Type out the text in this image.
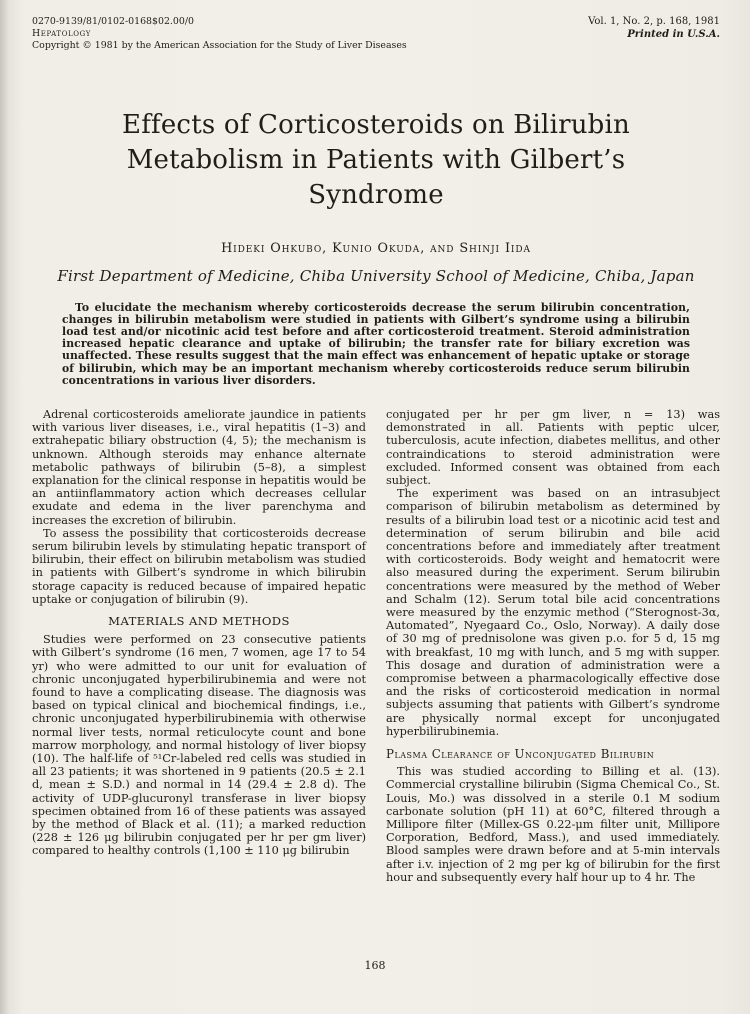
0270-9139/81/0102-0168$02.00/0
Hepatology
Copyright © 1981 by the American Association for the Study of Liver Diseases
Vol. 1, No. 2, p. 168, 1981
Printed in U.S.A.
Effects of Corticosteroids on Bilirubin Metabolism in Patients with Gilbert’s Syndrome
Hideki Ohkubo, Kunio Okuda, and Shinji Iida
First Department of Medicine, Chiba University School of Medicine, Chiba, Japan

To elucidate the mechanism whereby corticosteroids decrease the serum bilirubin concentration, changes in bilirubin metabolism were studied in patients with Gilbert’s syndrome using a bilirubin load test and/or nicotinic acid test before and after corticosteroid treatment. Steroid administration increased hepatic clearance and uptake of bilirubin; the transfer rate for biliary excretion was unaffected. These results suggest that the main effect was enhancement of hepatic uptake or storage of bilirubin, which may be an important mechanism whereby corticosteroids reduce serum bilirubin concentrations in various liver disorders.

Adrenal corticosteroids ameliorate jaundice in patients with various liver diseases, i.e., viral hepatitis (1–3) and extrahepatic biliary obstruction (4, 5); the mechanism is unknown. Although steroids may enhance alternate metabolic pathways of bilirubin (5–8), a simplest explanation for the clinical response in hepatitis would be an antiinflammatory action which decreases cellular exudate and edema in the liver parenchyma and increases the excretion of bilirubin.

To assess the possibility that corticosteroids decrease serum bilirubin levels by stimulating hepatic transport of bilirubin, their effect on bilirubin metabolism was studied in patients with Gilbert’s syndrome in which bilirubin storage capacity is reduced because of impaired hepatic uptake or conjugation of bilirubin (9).

MATERIALS AND METHODS

Studies were performed on 23 consecutive patients with Gilbert’s syndrome (16 men, 7 women, age 17 to 54 yr) who were admitted to our unit for evaluation of chronic unconjugated hyperbilirubinemia and were not found to have a complicating disease. The diagnosis was based on typical clinical and biochemical findings, i.e., chronic unconjugated hyperbilirubinemia with otherwise normal liver tests, normal reticulocyte count and bone marrow morphology, and normal histology of liver biopsy (10). The half-life of ⁵¹Cr-labeled red cells was studied in all 23 patients; it was shortened in 9 patients (20.5 ± 2.1 d, mean ± S.D.) and normal in 14 (29.4 ± 2.8 d). The activity of UDP-glucuronyl transferase in liver biopsy specimen obtained from 16 of these patients was assayed by the method of Black et al. (11); a marked reduction (228 ± 126 μg bilirubin conjugated per hr per gm liver) compared to healthy controls (1,100 ± 110 μg bilirubin

conjugated per hr per gm liver, n = 13) was demonstrated in all. Patients with peptic ulcer, tuberculosis, acute infection, diabetes mellitus, and other contraindications to steroid administration were excluded. Informed consent was obtained from each subject.

The experiment was based on an intrasubject comparison of bilirubin metabolism as determined by results of a bilirubin load test or a nicotinic acid test and determination of serum bilirubin and bile acid concentrations before and immediately after treatment with corticosteroids. Body weight and hematocrit were also measured during the experiment. Serum bilirubin concentrations were measured by the method of Weber and Schalm (12). Serum total bile acid concentrations were measured by the enzymic method (“Sterognost-3α, Automated”, Nyegaard Co., Oslo, Norway). A daily dose of 30 mg of prednisolone was given p.o. for 5 d, 15 mg with breakfast, 10 mg with lunch, and 5 mg with supper. This dosage and duration of administration were a compromise between a pharmacologically effective dose and the risks of corticosteroid medication in normal subjects assuming that patients with Gilbert’s syndrome are physically normal except for unconjugated hyperbilirubinemia.

Plasma Clearance of Unconjugated Bilirubin

This was studied according to Billing et al. (13). Commercial crystalline bilirubin (Sigma Chemical Co., St. Louis, Mo.) was dissolved in a sterile 0.1 M sodium carbonate solution (pH 11) at 60°C, filtered through a Millipore filter (Millex-GS 0.22-μm filter unit, Millipore Corporation, Bedford, Mass.), and used immediately. Blood samples were drawn before and at 5-min intervals after i.v. injection of 2 mg per kg of bilirubin for the first hour and subsequently every half hour up to 4 hr. The

168
